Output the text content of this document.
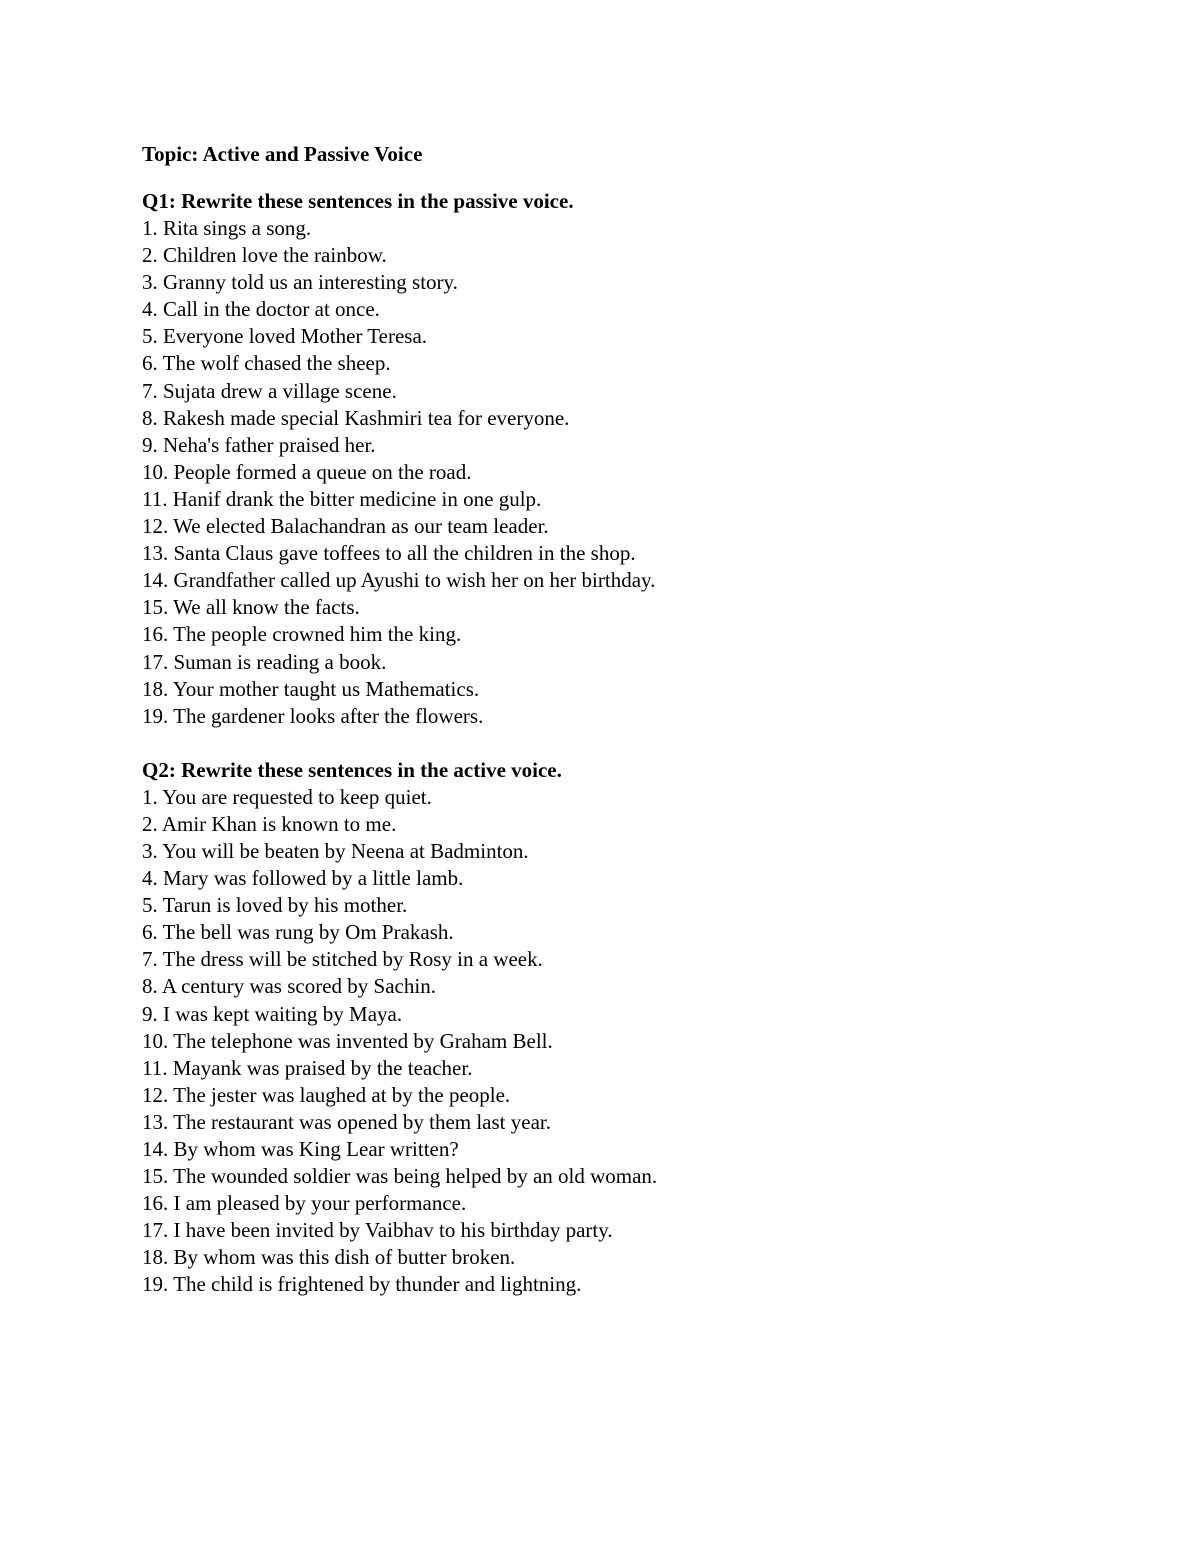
Topic: Active and Passive Voice
Q1: Rewrite these sentences in the passive voice.
1. Rita sings a song.
2. Children love the rainbow.
3. Granny told us an interesting story.
4. Call in the doctor at once.
5. Everyone loved Mother Teresa.
6. The wolf chased the sheep.
7. Sujata drew a village scene.
8. Rakesh made special Kashmiri tea for everyone.
9. Neha's father praised her.
10. People formed a queue on the road.
11. Hanif drank the bitter medicine in one gulp.
12. We elected Balachandran as our team leader.
13. Santa Claus gave toffees to all the children in the shop.
14. Grandfather called up Ayushi to wish her on her birthday.
15. We all know the facts.
16. The people crowned him the king.
17. Suman is reading a book.
18. Your mother taught us Mathematics.
19. The gardener looks after the flowers.
Q2: Rewrite these sentences in the active voice.
1. You are requested to keep quiet.
2. Amir Khan is known to me.
3. You will be beaten by Neena at Badminton.
4. Mary was followed by a little lamb.
5. Tarun is loved by his mother.
6. The bell was rung by Om Prakash.
7. The dress will be stitched by Rosy in a week.
8. A century was scored by Sachin.
9. I was kept waiting by Maya.
10. The telephone was invented by Graham Bell.
11. Mayank was praised by the teacher.
12. The jester was laughed at by the people.
13. The restaurant was opened by them last year.
14. By whom was King Lear written?
15. The wounded soldier was being helped by an old woman.
16. I am pleased by your performance.
17. I have been invited by Vaibhav to his birthday party.
18. By whom was this dish of butter broken.
19. The child is frightened by thunder and lightning.
